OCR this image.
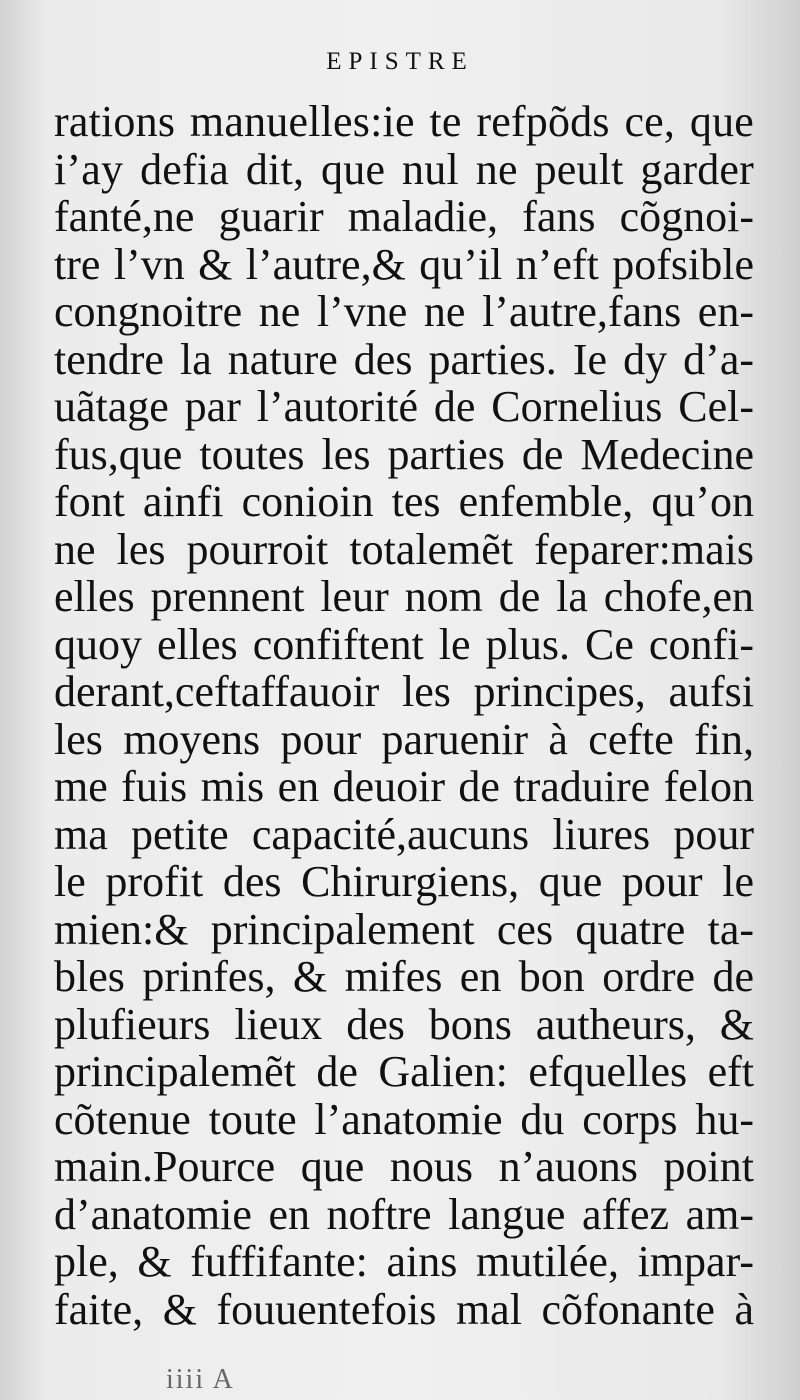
EPISTRE
rations manuelles:ie te refpõds ce, que
i’ay defia dit, que nul ne peult garder
fanté,ne guarir maladie, fans cõgnoi-
tre l’vn & l’autre,& qu’il n’eft pofsible
congnoitre ne l’vne ne l’autre,fans en-
tendre la nature des parties. Ie dy d’a-
uãtage par l’autorité de Cornelius Cel-
fus,que toutes les parties de Medecine
font ainfi conioin tes enfemble, qu’on
ne les pourroit totalemẽt feparer:mais
elles prennent leur nom de la chofe,en
quoy elles confiftent le plus. Ce confi-
derant,ceftaffauoir les principes, aufsi
les moyens pour paruenir à cefte fin,
me fuis mis en deuoir de traduire felon
ma petite capacité,aucuns liures pour
le profit des Chirurgiens, que pour le
mien:& principalement ces quatre ta-
bles prinfes, & mifes en bon ordre de
plufieurs lieux des bons autheurs, &
principalemẽt de Galien: efquelles eft
cõtenue toute l’anatomie du corps hu-
main.Pource que nous n’auons point
d’anatomie en noftre langue affez am-
ple, & fuffifante: ains mutilée, impar-
faite, & fouuentefois mal cõfonante à
iiii A
